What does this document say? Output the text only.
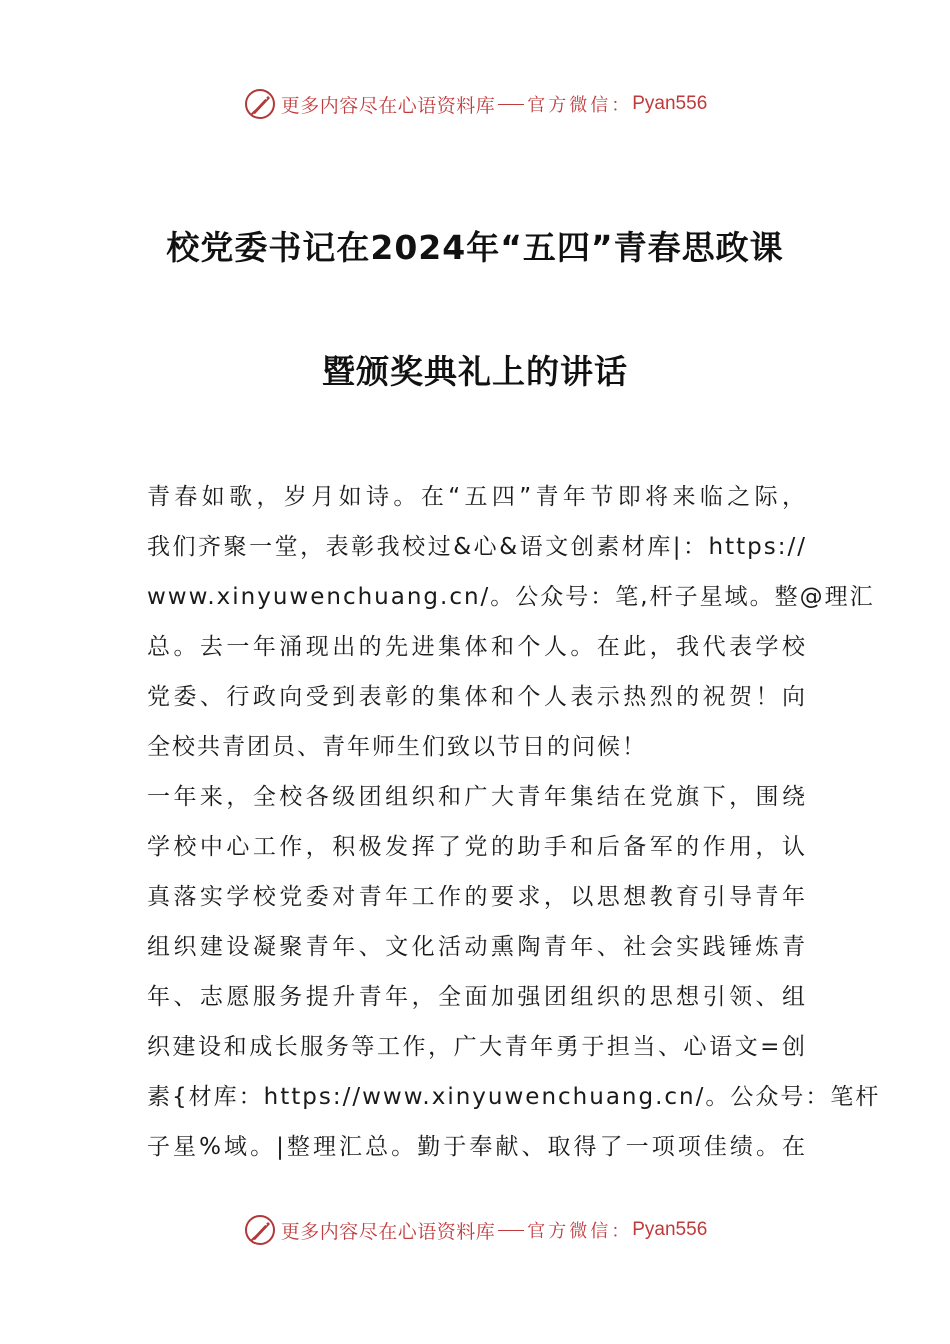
更多内容尽在心语资料库 官方微信： Pyan556
校党委书记在2024年“五四”青春思政课
暨颁奖典礼上的讲话
青春如歌，岁月如诗。在“五四”青年节即将来临之际，
我们齐聚一堂，表彰我校过&心&语文创素材库|：https://
www.xinyuwenchuang.cn/。公众号：笔,杆子星域。整@理汇
总。去一年涌现出的先进集体和个人。在此，我代表学校
党委、行政向受到表彰的集体和个人表示热烈的祝贺！向
全校共青团员、青年师生们致以节日的问候！
一年来，全校各级团组织和广大青年集结在党旗下，围绕
学校中心工作，积极发挥了党的助手和后备军的作用，认
真落实学校党委对青年工作的要求，以思想教育引导青年
组织建设凝聚青年、文化活动熏陶青年、社会实践锤炼青
年、志愿服务提升青年，全面加强团组织的思想引领、组
织建设和成长服务等工作，广大青年勇于担当、心语文=创
素{材库：https://www.xinyuwenchuang.cn/。公众号：笔杆
子星%域。|整理汇总。勤于奉献、取得了一项项佳绩。在
更多内容尽在心语资料库 官方微信： Pyan556
